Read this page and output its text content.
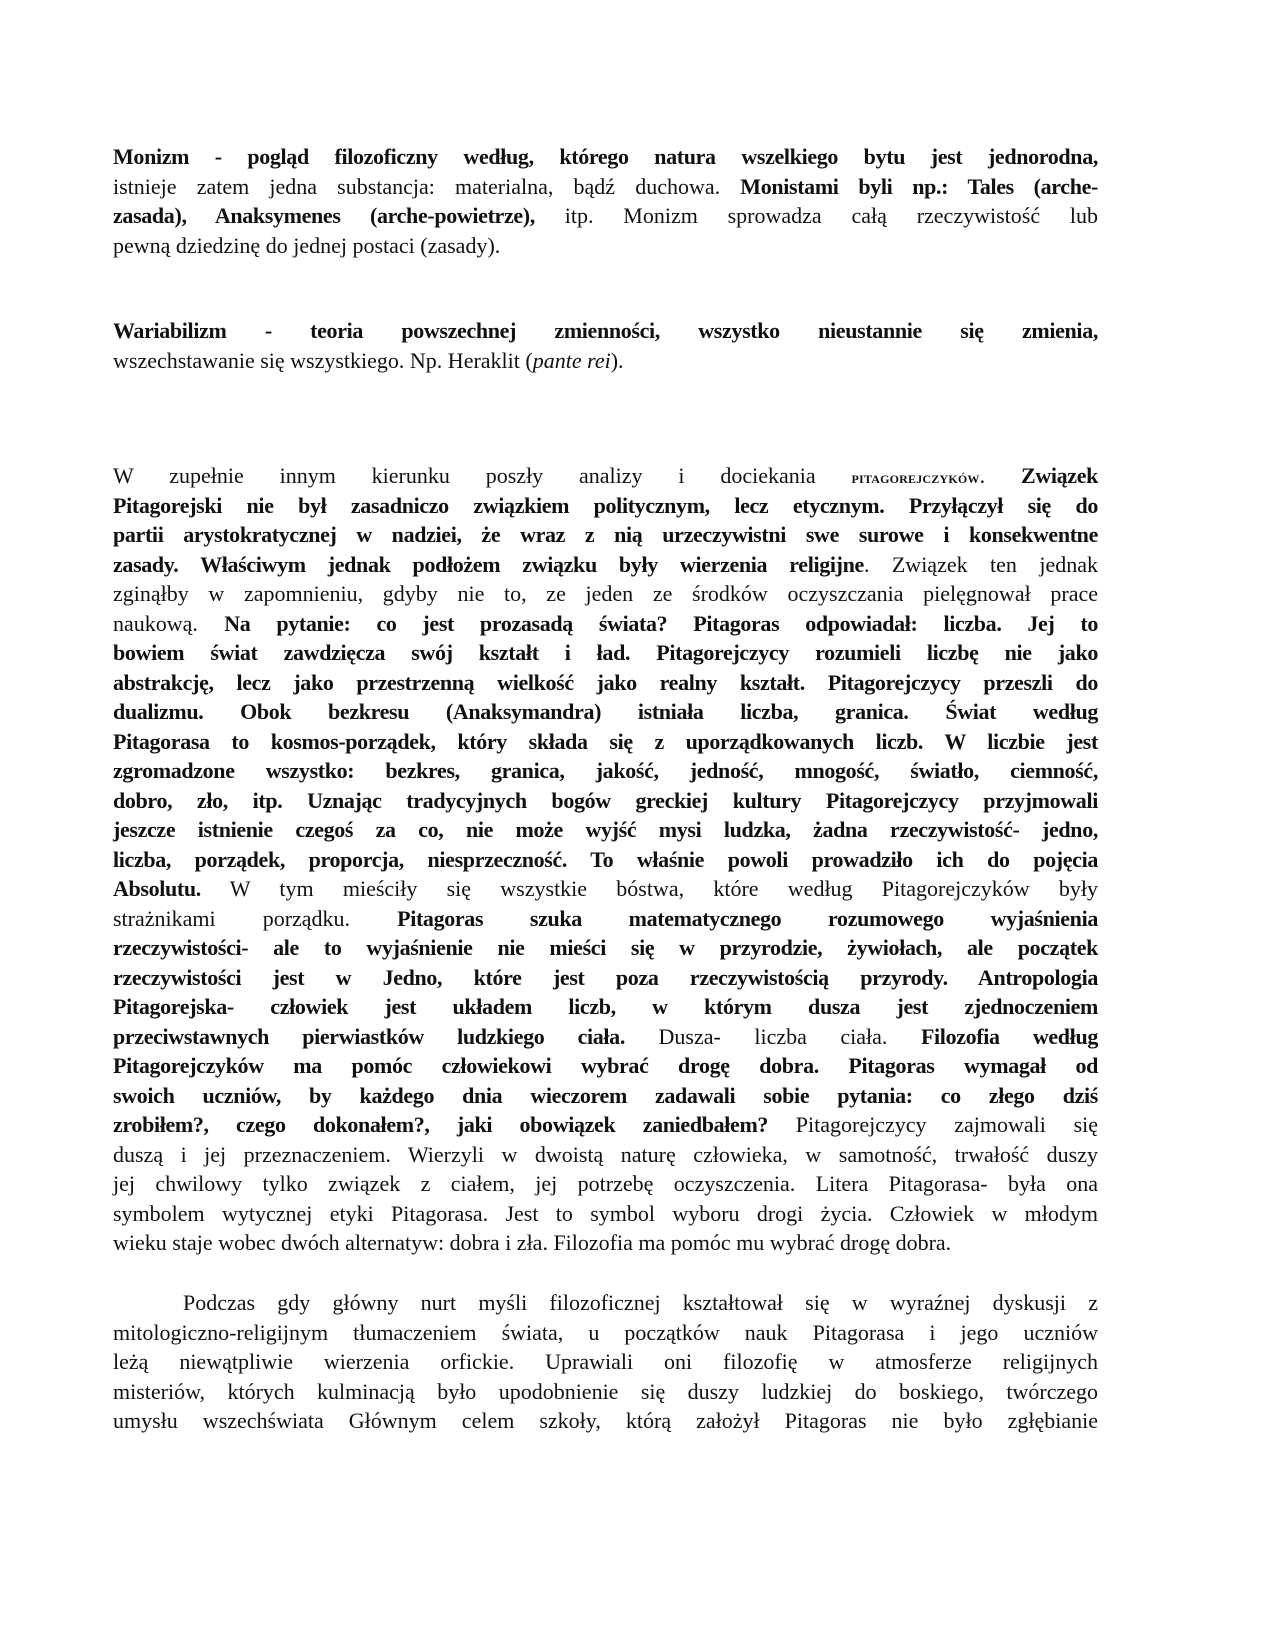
Monizm - pogląd filozoficzny według, którego natura wszelkiego bytu jest jednorodna,
istnieje zatem jedna substancja: materialna, bądź duchowa. Monistami byli np.: Tales (arche-
zasada), Anaksymenes (arche-powietrze), itp. Monizm sprowadza całą rzeczywistość lub
pewną dziedzinę do jednej postaci (zasady).
Wariabilizm - teoria powszechnej zmienności, wszystko nieustannie się zmienia,
wszechstawanie się wszystkiego. Np. Heraklit (pante rei).
W zupełnie innym kierunku poszły analizy i dociekania pitagorejczyków. Związek
Pitagorejski nie był zasadniczo związkiem politycznym, lecz etycznym. Przyłączył się do
partii arystokratycznej w nadziei, że wraz z nią urzeczywistni swe surowe i konsekwentne
zasady. Właściwym jednak podłożem związku były wierzenia religijne. Związek ten jednak
zginąłby w zapomnieniu, gdyby nie to, ze jeden ze środków oczyszczania pielęgnował prace
naukową. Na pytanie: co jest prozasadą świata? Pitagoras odpowiadał: liczba. Jej to
bowiem świat zawdzięcza swój kształt i ład. Pitagorejczycy rozumieli liczbę nie jako
abstrakcję, lecz jako przestrzenną wielkość jako realny kształt. Pitagorejczycy przeszli do
dualizmu. Obok bezkresu (Anaksymandra) istniała liczba, granica. Świat według
Pitagorasa to kosmos-porządek, który składa się z uporządkowanych liczb. W liczbie jest
zgromadzone wszystko: bezkres, granica, jakość, jedność, mnogość, światło, ciemność,
dobro, zło, itp. Uznając tradycyjnych bogów greckiej kultury Pitagorejczycy przyjmowali
jeszcze istnienie czegoś za co, nie może wyjść mysi ludzka, żadna rzeczywistość- jedno,
liczba, porządek, proporcja, niesprzeczność. To właśnie powoli prowadziło ich do pojęcia
Absolutu. W tym mieściły się wszystkie bóstwa, które według Pitagorejczyków były
strażnikami porządku. Pitagoras szuka matematycznego rozumowego wyjaśnienia
rzeczywistości- ale to wyjaśnienie nie mieści się w przyrodzie, żywiołach, ale początek
rzeczywistości jest w Jedno, które jest poza rzeczywistością przyrody. Antropologia
Pitagorejska- człowiek jest układem liczb, w którym dusza jest zjednoczeniem
przeciwstawnych pierwiastków ludzkiego ciała. Dusza- liczba ciała. Filozofia według
Pitagorejczyków ma pomóc człowiekowi wybrać drogę dobra. Pitagoras wymagał od
swoich uczniów, by każdego dnia wieczorem zadawali sobie pytania: co złego dziś
zrobiłem?, czego dokonałem?, jaki obowiązek zaniedbałem? Pitagorejczycy zajmowali się
duszą i jej przeznaczeniem. Wierzyli w dwoistą naturę człowieka, w samotność, trwałość duszy
jej chwilowy tylko związek z ciałem, jej potrzebę oczyszczenia. Litera Pitagorasa- była ona
symbolem wytycznej etyki Pitagorasa. Jest to symbol wyboru drogi życia. Człowiek w młodym
wieku staje wobec dwóch alternatyw: dobra i zła. Filozofia ma pomóc mu wybrać drogę dobra.
Podczas gdy główny nurt myśli filozoficznej kształtował się w wyraźnej dyskusji z
mitologiczno-religijnym tłumaczeniem świata, u początków nauk Pitagorasa i jego uczniów
leżą niewątpliwie wierzenia orfickie. Uprawiali oni filozofię w atmosferze religijnych
misteriów, których kulminacją było upodobnienie się duszy ludzkiej do boskiego, twórczego
umysłu wszechświata Głównym celem szkoły, którą założył Pitagoras nie było zgłębianie
